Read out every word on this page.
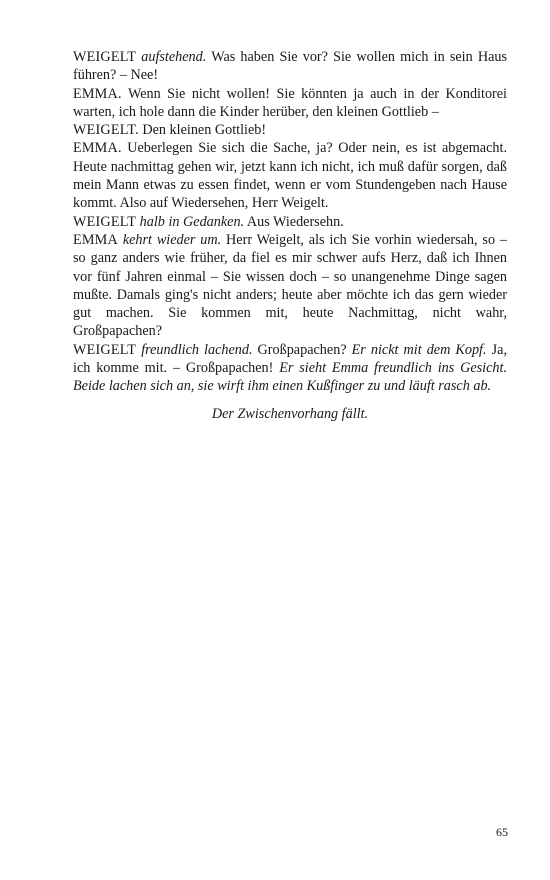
WEIGELT aufstehend. Was haben Sie vor? Sie wollen mich in sein Haus führen? – Nee!

EMMA. Wenn Sie nicht wollen! Sie könnten ja auch in der Konditorei warten, ich hole dann die Kinder herüber, den kleinen Gottlieb –

WEIGELT. Den kleinen Gottlieb!

EMMA. Ueberlegen Sie sich die Sache, ja? Oder nein, es ist abgemacht. Heute nachmittag gehen wir, jetzt kann ich nicht, ich muß dafür sorgen, daß mein Mann etwas zu essen findet, wenn er vom Stundengeben nach Hause kommt. Also auf Wiedersehen, Herr Weigelt.

WEIGELT halb in Gedanken. Aus Wiedersehn.

EMMA kehrt wieder um. Herr Weigelt, als ich Sie vorhin wiedersah, so – so ganz anders wie früher, da fiel es mir schwer aufs Herz, daß ich Ihnen vor fünf Jahren einmal – Sie wissen doch – so unangenehme Dinge sagen mußte. Damals ging's nicht anders; heute aber möchte ich das gern wieder gut machen. Sie kommen mit, heute Nachmittag, nicht wahr, Großpapachen?

WEIGELT freundlich lachend. Großpapachen? Er nickt mit dem Kopf. Ja, ich komme mit. – Großpapachen! Er sieht Emma freundlich ins Gesicht. Beide lachen sich an, sie wirft ihm einen Kußfinger zu und läuft rasch ab.

Der Zwischenvorhang fällt.
65
